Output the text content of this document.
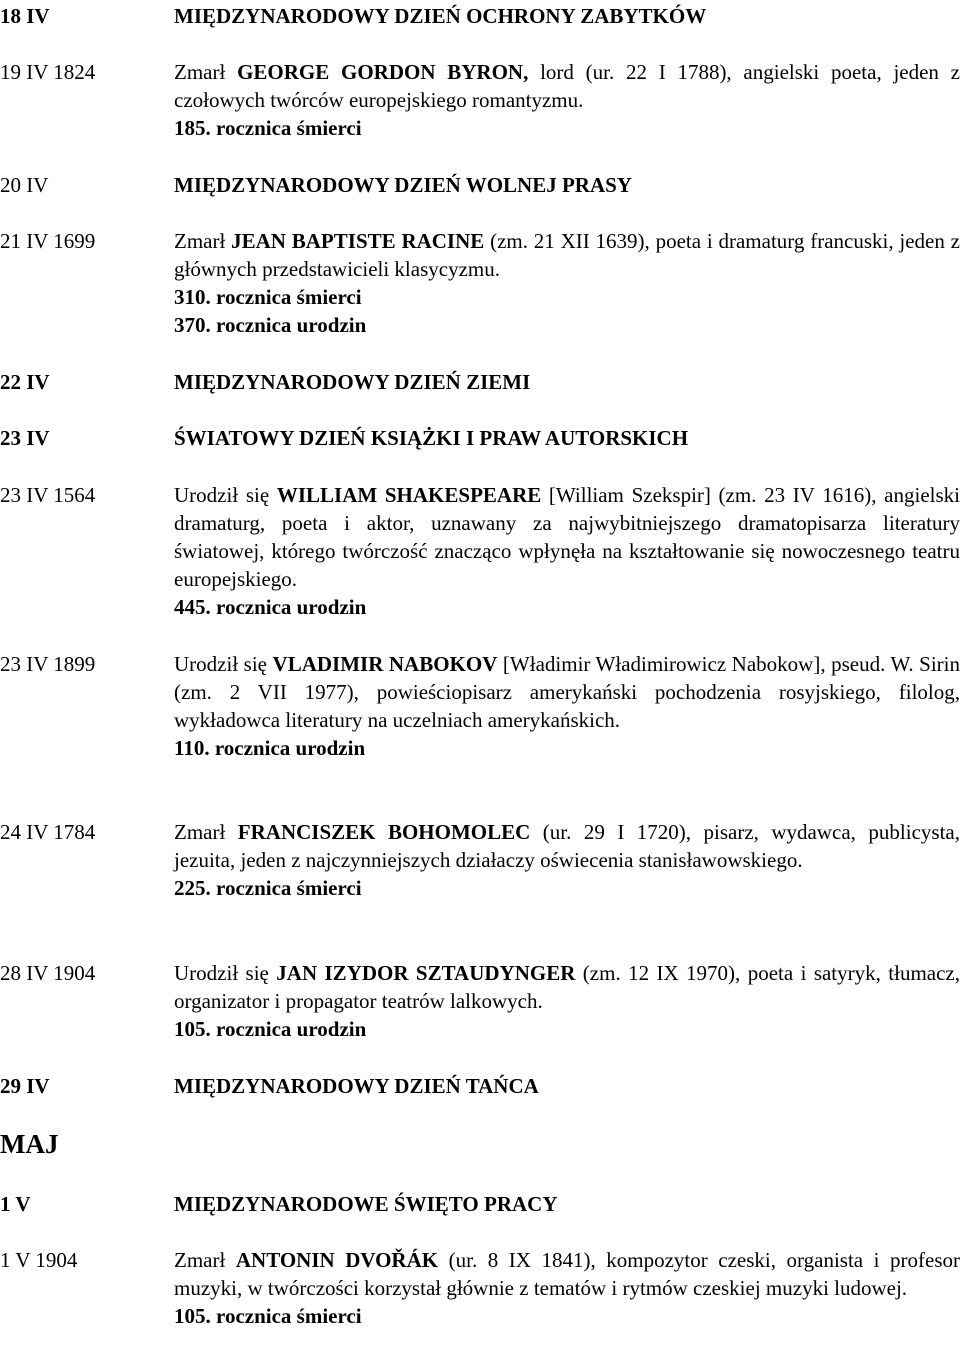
18 IV	MIĘDZYNARODOWY DZIEŃ OCHRONY ZABYTKÓW
19 IV 1824	Zmarł GEORGE GORDON BYRON, lord (ur. 22 I 1788), angielski poeta, jeden z czołowych twórców europejskiego romantyzmu.
185. rocznica śmierci
20 IV	MIĘDZYNARODOWY DZIEŃ WOLNEJ PRASY
21 IV 1699	Zmarł JEAN BAPTISTE RACINE (zm. 21 XII 1639), poeta i dramaturg francuski, jeden z głównych przedstawicieli klasycyzmu.
310. rocznica śmierci
370. rocznica urodzin
22 IV	MIĘDZYNARODOWY DZIEŃ ZIEMI
23 IV	ŚWIATOWY DZIEŃ KSIĄŻKI I PRAW AUTORSKICH
23 IV 1564	Urodził się WILLIAM SHAKESPEARE [William Szekspir] (zm. 23 IV 1616), angielski dramaturg, poeta i aktor, uznawany za najwybitniejszego dramatopisarza literatury światowej, którego twórczość znacząco wpłynęła na kształtowanie się nowoczesnego teatru europejskiego.
445. rocznica urodzin
23 IV 1899	Urodził się VLADIMIR NABOKOV [Władimir Władimirowicz Nabokow], pseud. W. Sirin (zm. 2 VII 1977), powieściopisarz amerykański pochodzenia rosyjskiego, filolog, wykładowca literatury na uczelniach amerykańskich.
110. rocznica urodzin
24 IV 1784	Zmarł FRANCISZEK BOHOMOLEC (ur. 29 I 1720), pisarz, wydawca, publicysta, jezuita, jeden z najczynniejszych działaczy oświecenia stanisławowskiego.
225. rocznica śmierci
28 IV 1904	Urodził się JAN IZYDOR SZTAUDYNGER (zm. 12 IX 1970), poeta i satyryk, tłumacz, organizator i propagator teatrów lalkowych.
105. rocznica urodzin
29 IV	MIĘDZYNARODOWY DZIEŃ TAŃCA
MAJ
1 V	MIĘDZYNARODOWE ŚWIĘTO PRACY
1 V 1904	Zmarł ANTONIN DVOŘÁK (ur. 8 IX 1841), kompozytor czeski, organista i profesor muzyki, w twórczości korzystał głównie z tematów i rytmów czeskiej muzyki ludowej.
105. rocznica śmierci
